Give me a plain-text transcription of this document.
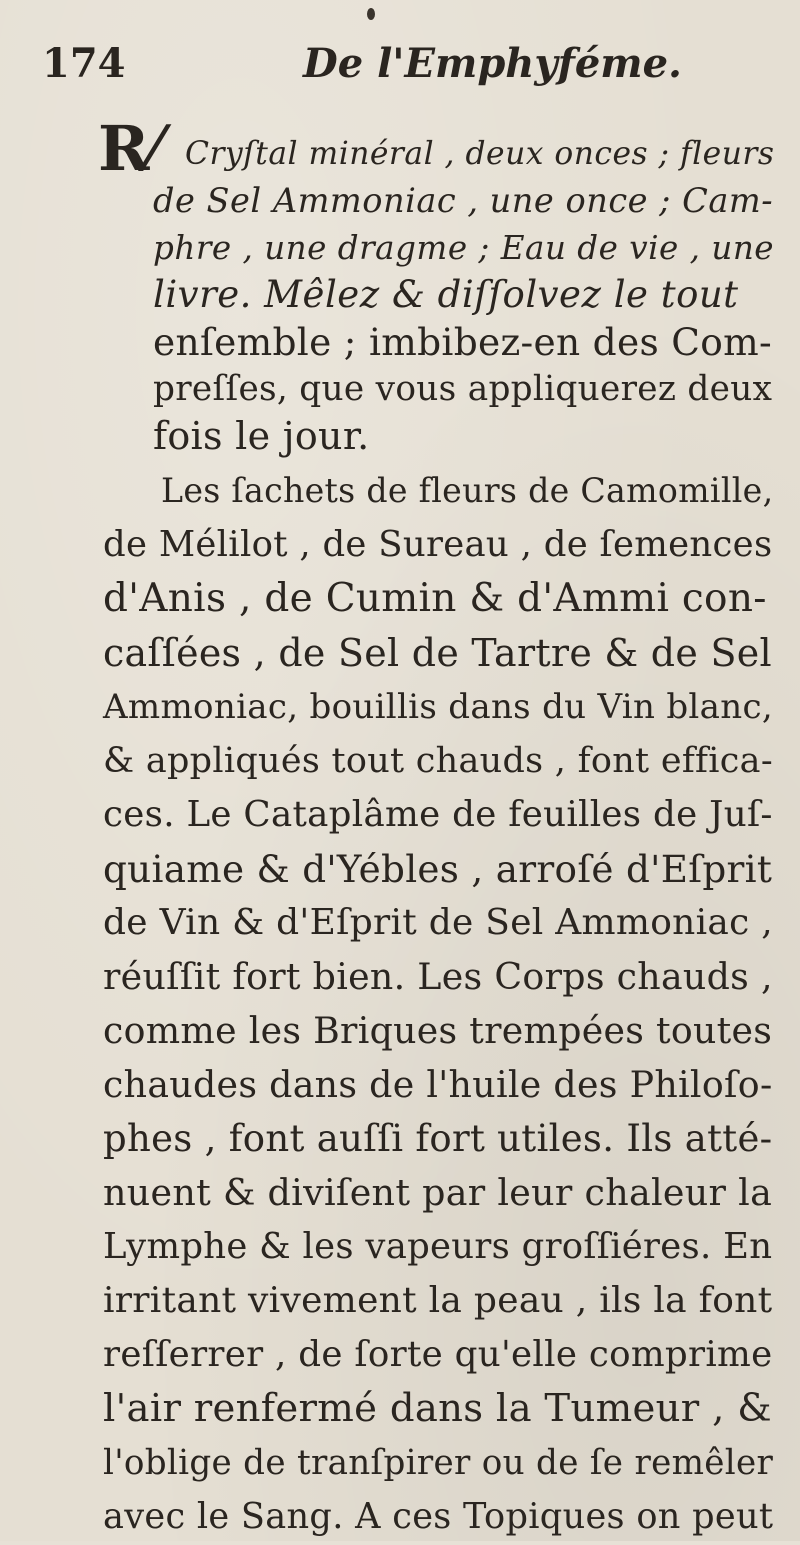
174	De l'Emphyféme.
R⁄ Cryſtal minéral , deux onces ; fleurs
de Sel Ammoniac , une once ; Cam-
phre , une dragme ; Eau de vie , une
livre. Mêlez & diſſolvez le tout
enſemble ; imbibez-en des Com-
preſſes, que vous appliquerez deux
fois le jour.
Les ſachets de fleurs de Camomille,
de Mélilot , de Sureau , de ſemences
d'Anis , de Cumin & d'Ammi con-
caſſées , de Sel de Tartre & de Sel
Ammoniac, bouillis dans du Vin blanc,
& appliqués tout chauds , font effica-
ces. Le Cataplâme de feuilles de Juſ-
quiame & d'Yébles , arroſé d'Eſprit
de Vin & d'Eſprit de Sel Ammoniac ,
réuſſit fort bien. Les Corps chauds ,
comme les Briques trempées toutes
chaudes dans de l'huile des Philoſo-
phes , font auſſi fort utiles. Ils atté-
nuent & diviſent par leur chaleur la
Lymphe & les vapeurs groſſiéres. En
irritant vivement la peau , ils la font
reſſerrer , de ſorte qu'elle comprime
l'air renfermé dans la Tumeur , &
l'oblige de tranſpirer ou de ſe remêler
avec le Sang. A ces Topiques on peut
